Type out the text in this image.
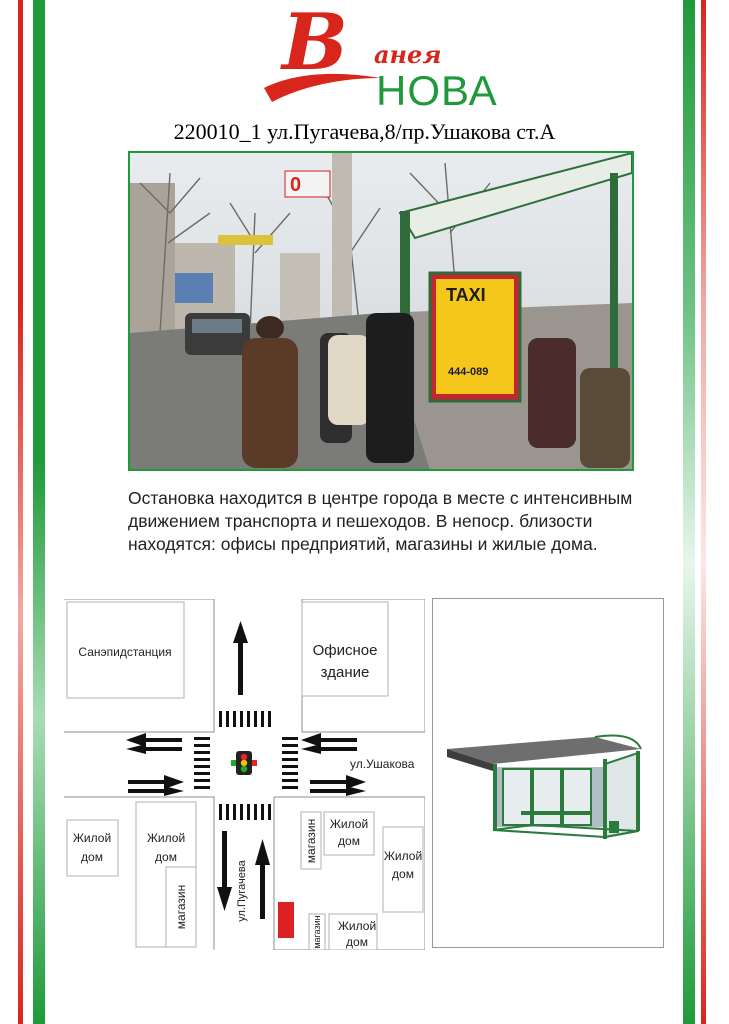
B анея
НОВА
220010_1 ул.Пугачева,8/пр.Ушакова ст.А
0
TAXI
444-089

Остановка находится в центре города в месте с интенсивным движением транспорта и пешеходов. В непоср. близости находятся: офисы предприятий, магазины и жилые дома.

Санэпидстанция	Офисное
здание
ул.Ушакова
Жилой
дом
Жилой
дом
магазин	ул.Пугачева
магазин Жилой
дом
Жилой
дом
магазин Жилой
дом
